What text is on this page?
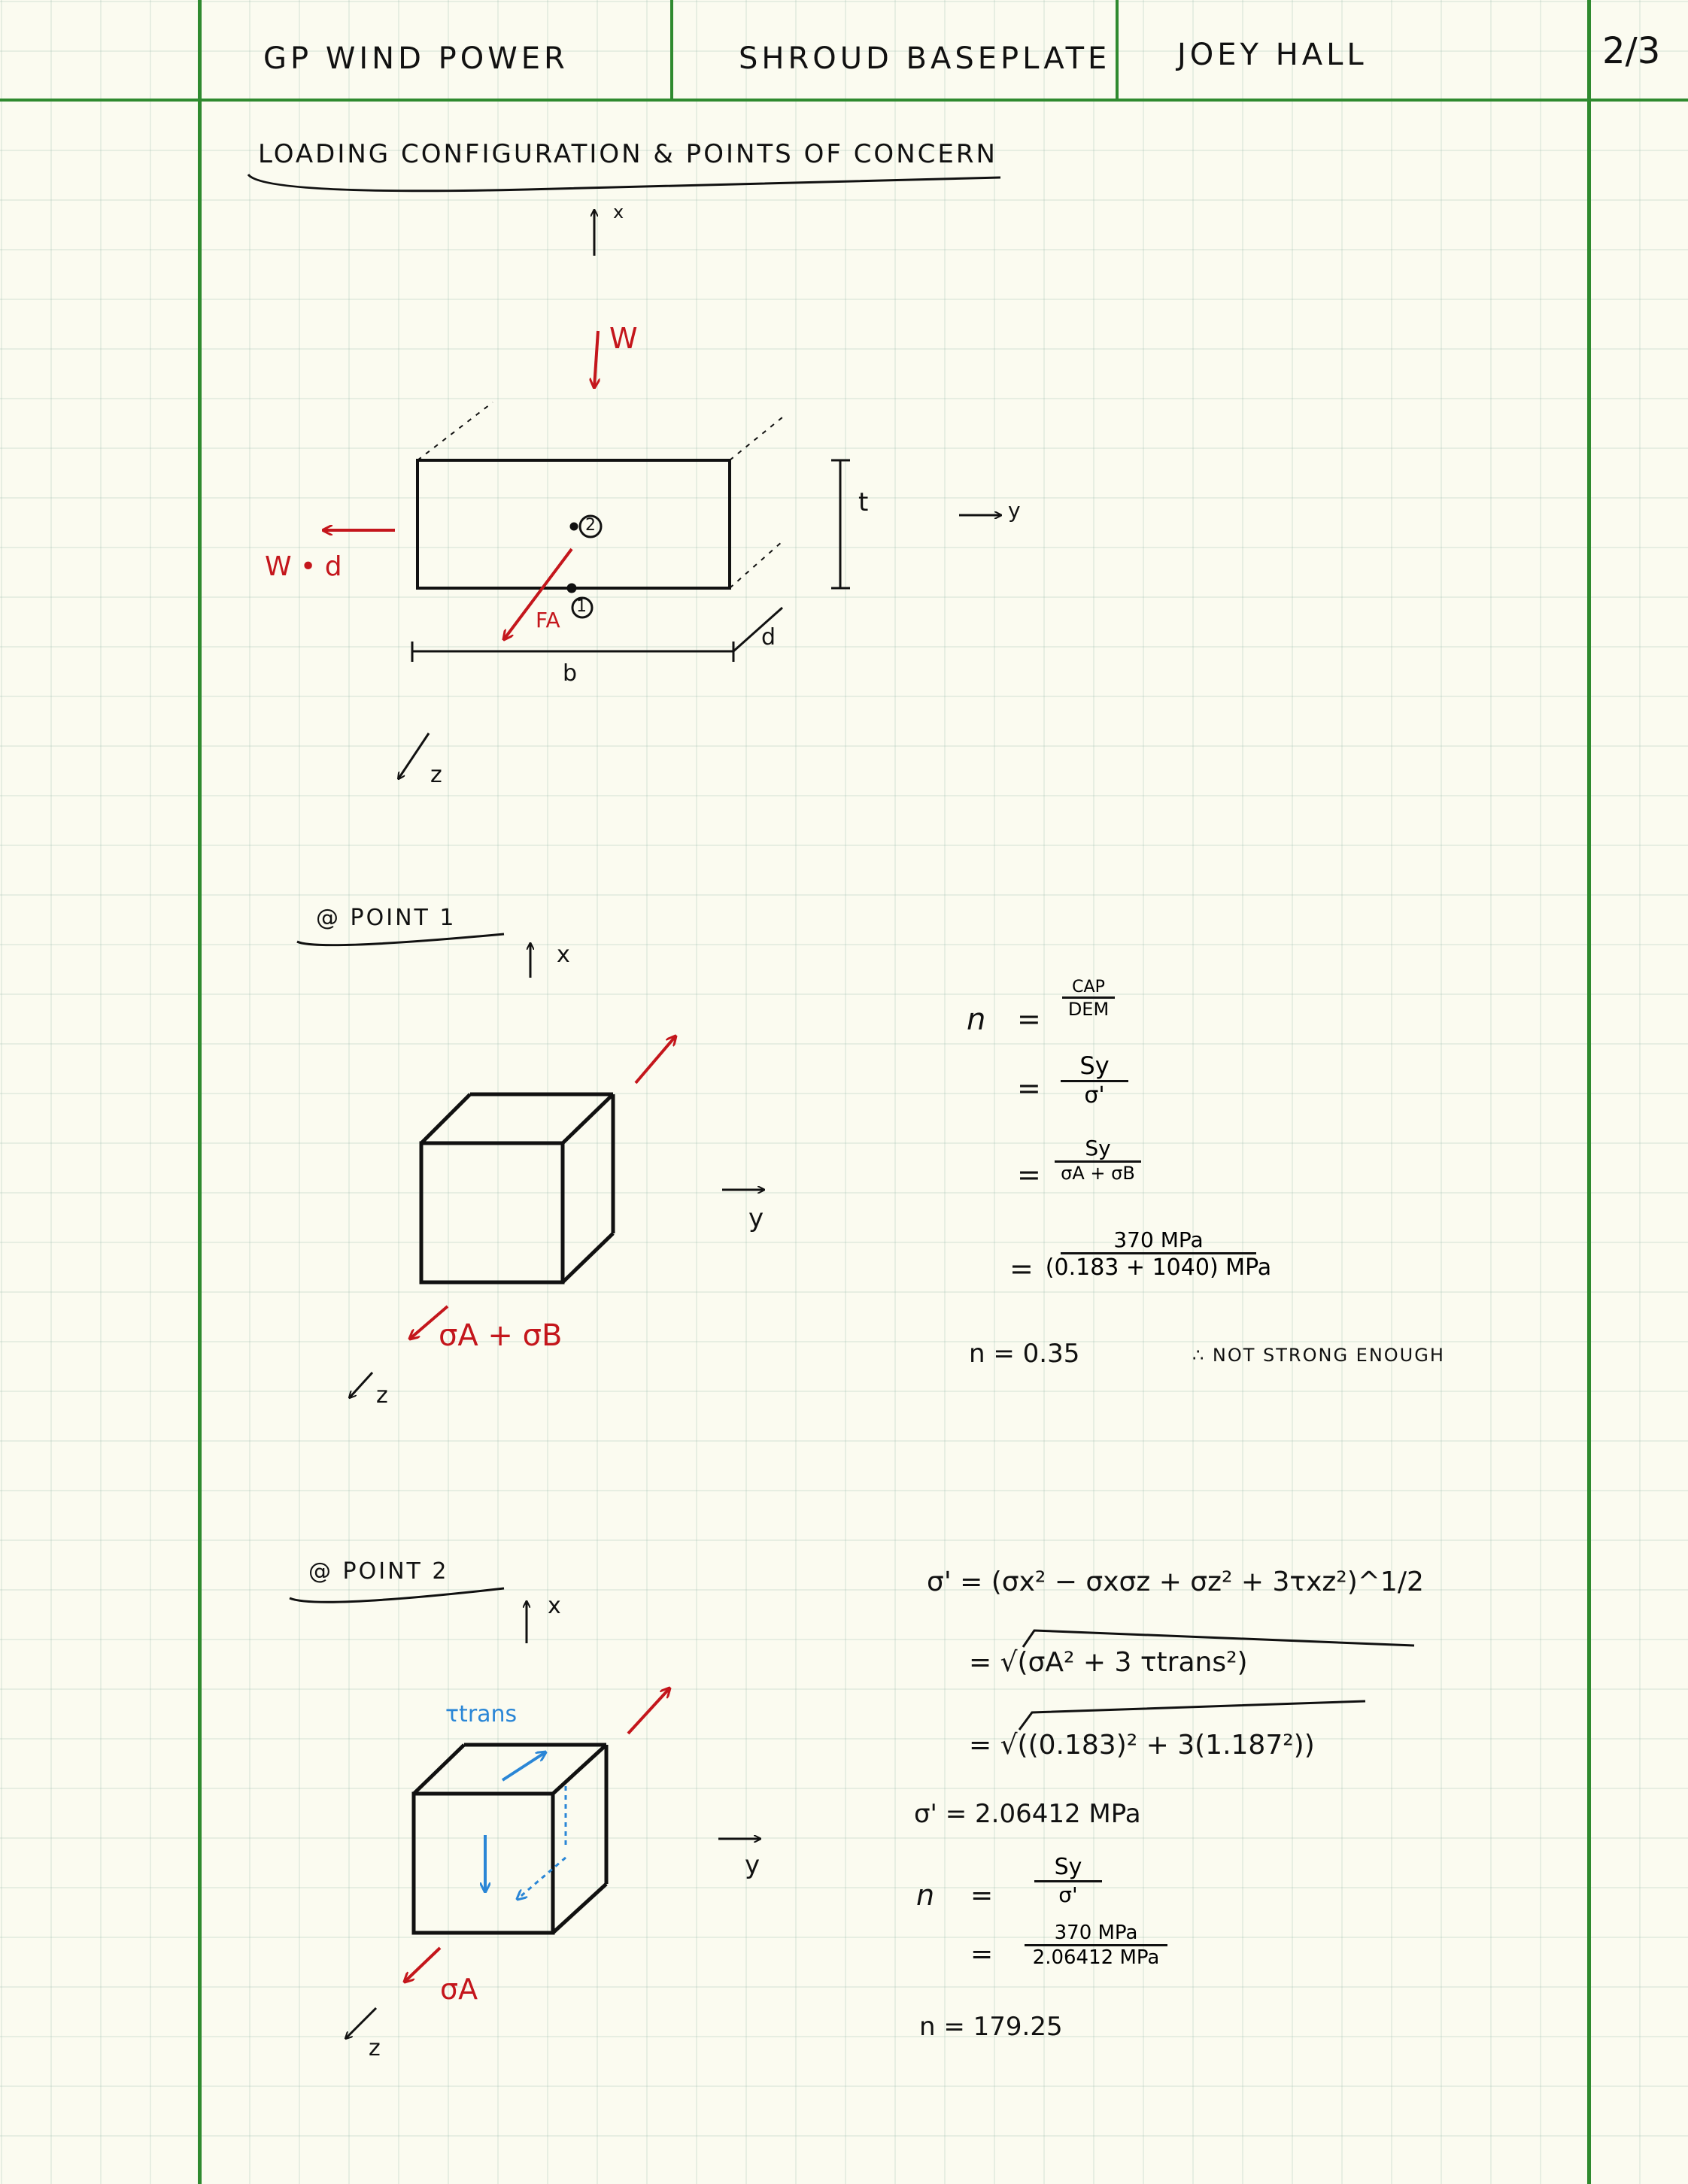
GP WIND POWER	SHROUD BASEPLATE JOEY HALL	2/3
LOADING CONFIGURATION & POINTS OF CONCERN
x
W
W • d
t	y
FA
1
2
b
d
z
@ POINT 1
x
y
z
σA + σB
n =
CAP
DEM
=
Sy
σ'
=
Sy
σA + σB
=
370 MPa
(0.183 + 1040) MPa
n = 0.35	∴ NOT STRONG ENOUGH
@ POINT 2
x
y
z
σA
τtrans
σ' = (σx² − σxσz + σz² + 3τxz²)^1/2
= √(σA² + 3 τtrans²)
= √((0.183)² + 3(1.187²))
σ' = 2.06412 MPa
n =
Sy
σ'
=
370 MPa
2.06412 MPa
n = 179.25
